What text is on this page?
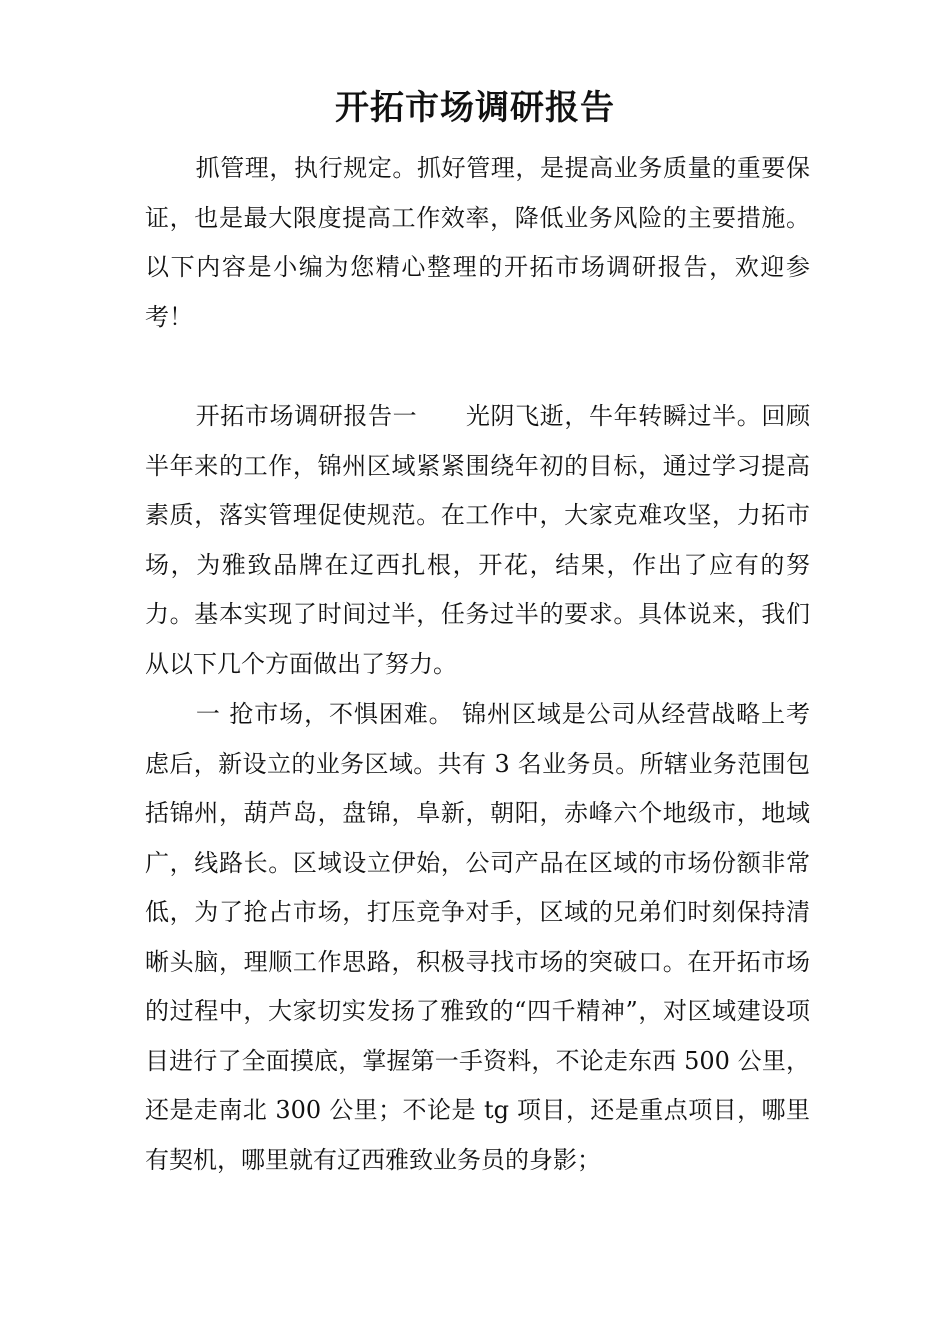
开拓市场调研报告

抓管理，执行规定。抓好管理，是提高业务质量的重要保证，也是最大限度提高工作效率，降低业务风险的主要措施。以下内容是小编为您精心整理的开拓市场调研报告，欢迎参考！

开拓市场调研报告一 光阴飞逝，牛年转瞬过半。回顾半年来的工作，锦州区域紧紧围绕年初的目标，通过学习提高素质，落实管理促使规范。在工作中，大家克难攻坚，力拓市场，为雅致品牌在辽西扎根，开花，结果，作出了应有的努力。基本实现了时间过半，任务过半的要求。具体说来，我们从以下几个方面做出了努力。

一 抢市场，不惧困难。 锦州区域是公司从经营战略上考虑后，新设立的业务区域。共有 3 名业务员。所辖业务范围包括锦州，葫芦岛，盘锦，阜新，朝阳，赤峰六个地级市，地域广，线路长。区域设立伊始，公司产品在区域的市场份额非常低，为了抢占市场，打压竞争对手，区域的兄弟们时刻保持清晰头脑，理顺工作思路，积极寻找市场的突破口。在开拓市场的过程中，大家切实发扬了雅致的“四千精神”，对区域建设项目进行了全面摸底，掌握第一手资料，不论走东西 500 公里，还是走南北 300 公里；不论是 tg 项目，还是重点项目，哪里有契机，哪里就有辽西雅致业务员的身影；
